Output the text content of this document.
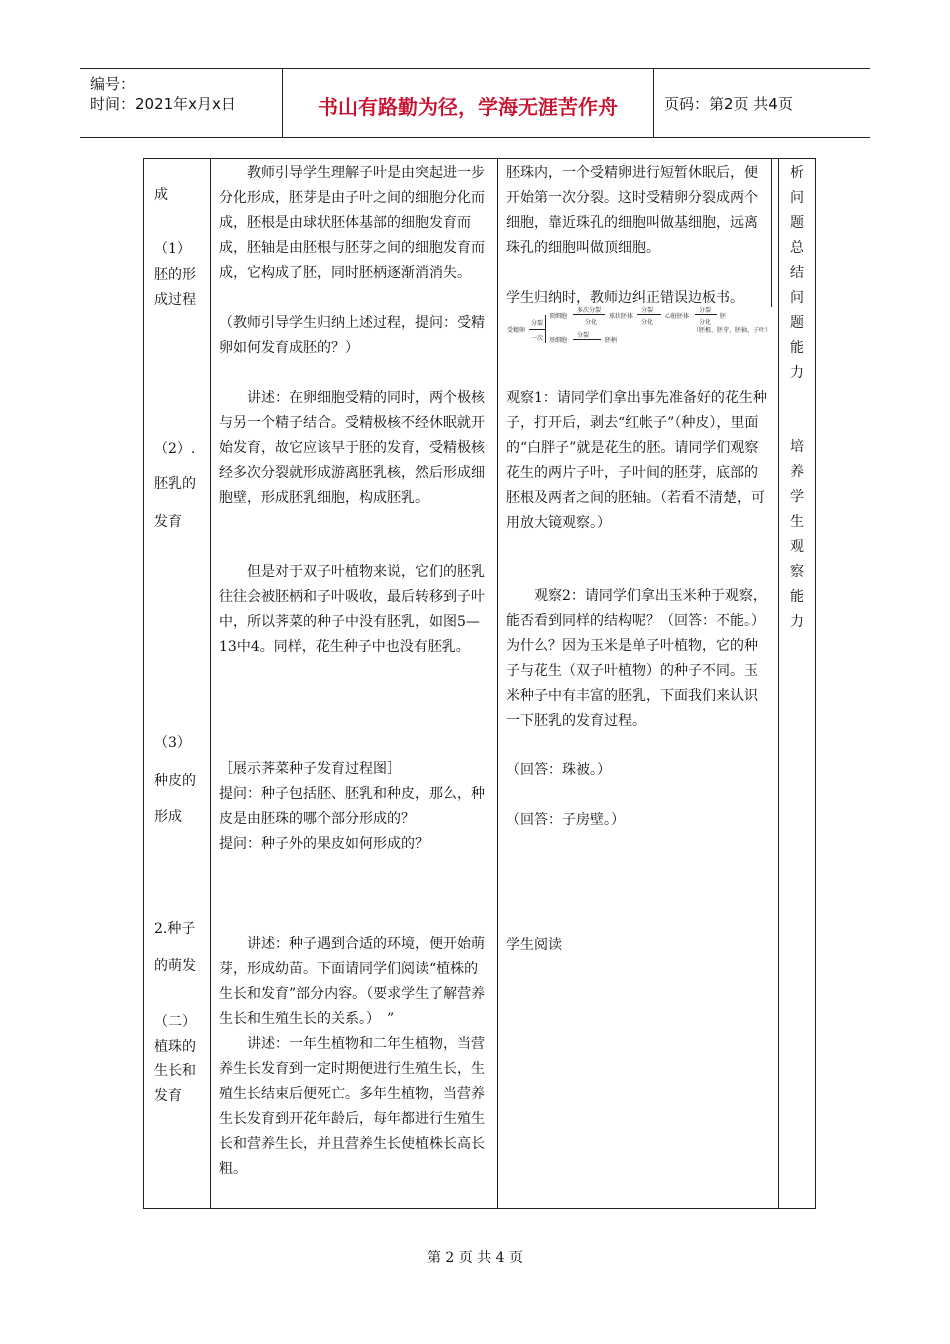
编号：
时间：2021年x月x日	书山有路勤为径，学海无涯苦作舟	页码：第2页 共4页

成

（1）

胚的形

成过程

（2）.

胚乳的

发育

（3）

种皮的

形成

2.种子

的萌发

（二）

植珠的

生长和

发育

教师引导学生理解子叶是由突起进一步分化形成，胚芽是由子叶之间的细胞分化而成，胚根是由球状胚体基部的细胞发育而成，胚轴是由胚根与胚芽之间的细胞发育而成，它构成了胚，同时胚柄逐渐消消失。

（教师引导学生归纳上述过程，提问：受精卵如何发育成胚的？）

讲述：在卵细胞受精的同时，两个极核与另一个精子结合。受精极核不经休眠就开始发育，故它应该早于胚的发育，受精极核经多次分裂就形成游离胚乳核，然后形成细胞壁，形成胚乳细胞，构成胚乳。

但是对于双子叶植物来说，它们的胚乳往往会被胚柄和子叶吸收，最后转移到子叶中，所以荠菜的种子中没有胚乳，如图5—13中4。同样，花生种子中也没有胚乳。

［展示荠菜种子发育过程图］

提问：种子包括胚、胚乳和种皮，那么，种皮是由胚珠的哪个部分形成的？

提问：种子外的果皮如何形成的？

讲述：种子遇到合适的环境，便开始萌芽，形成幼苗。下面请同学们阅读“植株的生长和发育”部分内容。（要求学生了解营养生长和生殖生长的关系。）　”

讲述：一年生植物和二年生植物，当营养生长发育到一定时期便进行生殖生长，生殖生长结束后便死亡。多年生植物，当营养生长发育到开花年龄后，每年都进行生殖生长和营养生长，并且营养生长使植株长高长粗。

胚珠内，一个受精卵进行短暂休眠后，便开始第一次分裂。这时受精卵分裂成两个细胞，靠近珠孔的细胞叫做基细胞，远离珠孔的细胞叫做顶细胞。

学生归纳时，教师边纠正错误边板书。

观察1：请同学们拿出事先准备好的花生种子，打开后，剥去“红帐子”（种皮），里面的“白胖子”就是花生的胚。请同学们观察花生的两片子叶，子叶间的胚芽，底部的胚根及两者之间的胚轴。（若看不清楚，可用放大镜观察。）

观察2：请同学们拿出玉米种于观察，能否看到同样的结构呢？（回答：不能。）为什么？因为玉米是单子叶植物，它的种子与花生（双子叶植物）的种子不同。玉米种子中有丰富的胚乳，下面我们来认识一下胚乳的发育过程。

（回答：珠被。）

（回答：子房壁。）

学生阅读

析

问

题

总

结

问

题

能

力

培

养

学

生

观

察

能

力

受精卵
分裂
一次
顶细胞
多次分裂
分化
球状胚体
分裂
分化
心脏胚体
分裂
分化
胚
（胚根、胚芽、胚轴、子叶）
基细胞
分裂
胚柄
第 2 页 共 4 页
